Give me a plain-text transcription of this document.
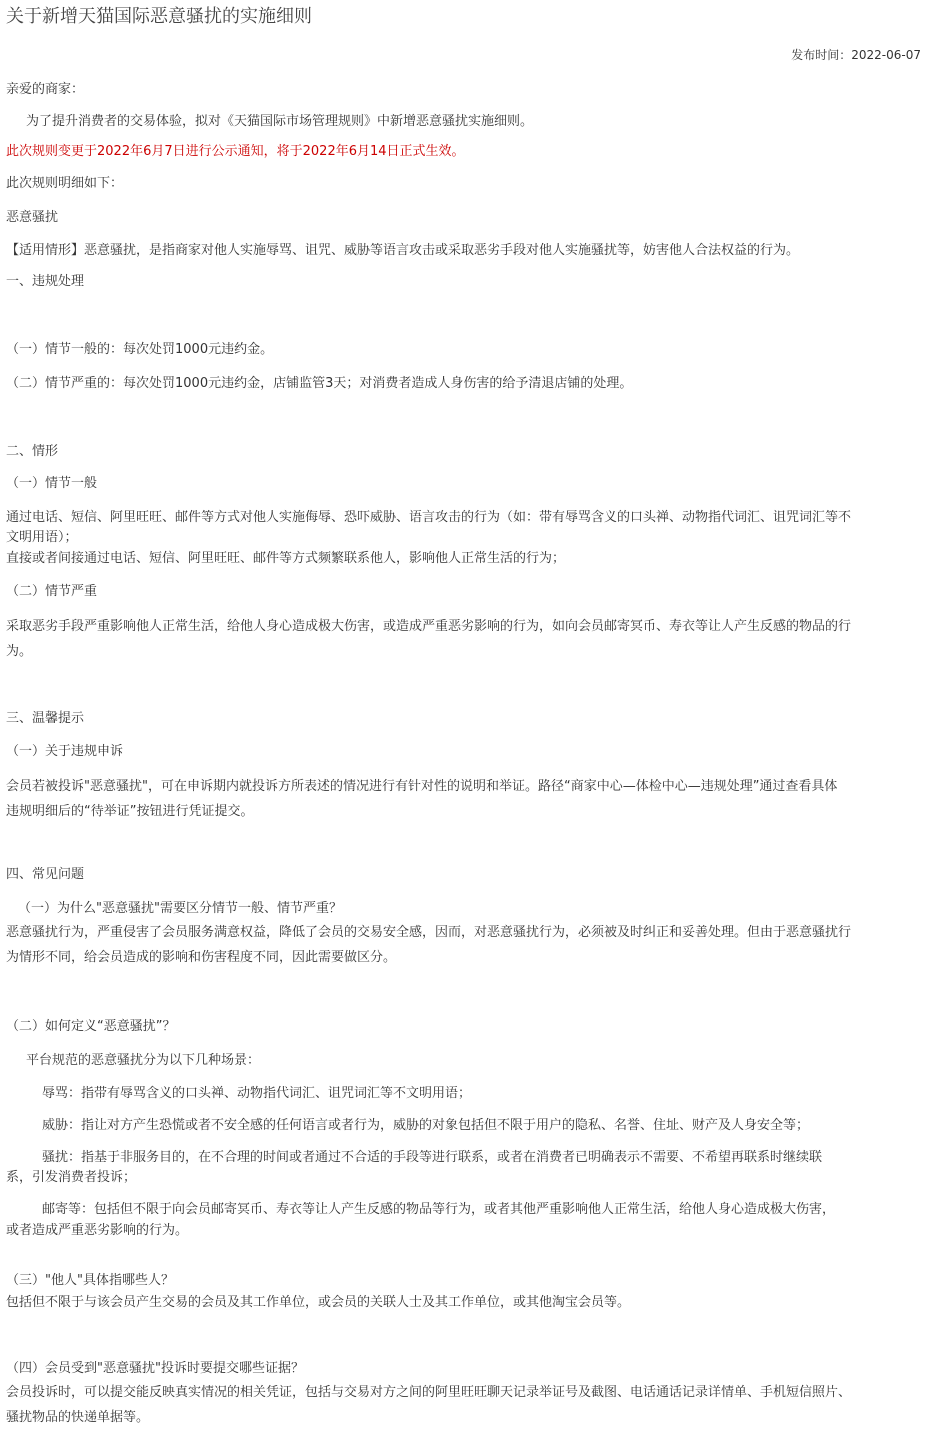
关于新增天猫国际恶意骚扰的实施细则
发布时间：2022-06-07
亲爱的商家：
为了提升消费者的交易体验，拟对《天猫国际市场管理规则》中新增恶意骚扰实施细则。
此次规则变更于2022年6月7日进行公示通知，将于2022年6月14日正式生效。
此次规则明细如下：
恶意骚扰
【适用情形】恶意骚扰，是指商家对他人实施辱骂、诅咒、威胁等语言攻击或采取恶劣手段对他人实施骚扰等，妨害他人合法权益的行为。
一、违规处理
（一）情节一般的：每次处罚1000元违约金。
（二）情节严重的：每次处罚1000元违约金，店铺监管3天；对消费者造成人身伤害的给予清退店铺的处理。
二、情形
（一）情节一般
通过电话、短信、阿里旺旺、邮件等方式对他人实施侮辱、恐吓威胁、语言攻击的行为（如：带有辱骂含义的口头禅、动物指代词汇、诅咒词汇等不
文明用语）；
直接或者间接通过电话、短信、阿里旺旺、邮件等方式频繁联系他人，影响他人正常生活的行为；
（二）情节严重
采取恶劣手段严重影响他人正常生活，给他人身心造成极大伤害，或造成严重恶劣影响的行为，如向会员邮寄冥币、寿衣等让人产生反感的物品的行
为。
三、温馨提示
（一）关于违规申诉
会员若被投诉"恶意骚扰"，可在申诉期内就投诉方所表述的情况进行有针对性的说明和举证。路径“商家中心—体检中心—违规处理”通过查看具体
违规明细后的“待举证”按钮进行凭证提交。
四、常见问题
（一）为什么"恶意骚扰"需要区分情节一般、情节严重？
恶意骚扰行为，严重侵害了会员服务满意权益，降低了会员的交易安全感，因而，对恶意骚扰行为，必须被及时纠正和妥善处理。但由于恶意骚扰行
为情形不同，给会员造成的影响和伤害程度不同，因此需要做区分。
（二）如何定义“恶意骚扰”？
平台规范的恶意骚扰分为以下几种场景：
辱骂：指带有辱骂含义的口头禅、动物指代词汇、诅咒词汇等不文明用语；
威胁：指让对方产生恐慌或者不安全感的任何语言或者行为，威胁的对象包括但不限于用户的隐私、名誉、住址、财产及人身安全等；
骚扰：指基于非服务目的，在不合理的时间或者通过不合适的手段等进行联系，或者在消费者已明确表示不需要、不希望再联系时继续联
系，引发消费者投诉；
邮寄等：包括但不限于向会员邮寄冥币、寿衣等让人产生反感的物品等行为，或者其他严重影响他人正常生活，给他人身心造成极大伤害，
或者造成严重恶劣影响的行为。
（三）"他人"具体指哪些人？
包括但不限于与该会员产生交易的会员及其工作单位，或会员的关联人士及其工作单位，或其他淘宝会员等。
（四）会员受到"恶意骚扰"投诉时要提交哪些证据？
会员投诉时，可以提交能反映真实情况的相关凭证，包括与交易对方之间的阿里旺旺聊天记录举证号及截图、电话通话记录详情单、手机短信照片、
骚扰物品的快递单据等。
